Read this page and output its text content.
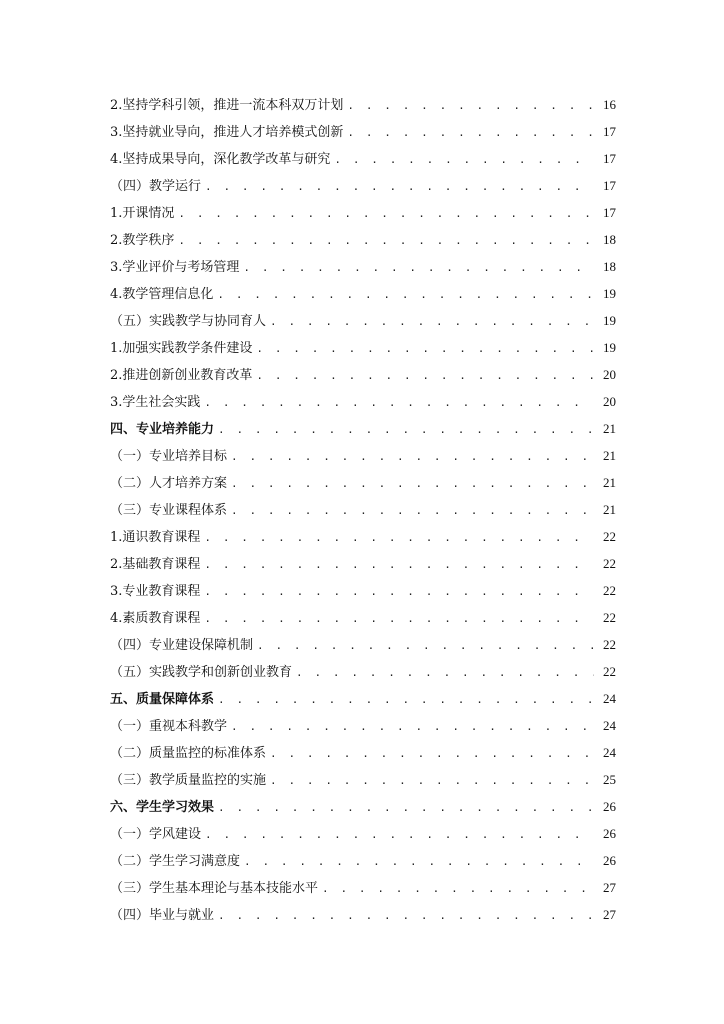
2.坚持学科引领，推进一流本科双万计划 . . .	16
3.坚持就业导向，推进人才培养模式创新 . . .	17
4.坚持成果导向，深化教学改革与研究 . . .	17
（四）教学运行 . . .	17
1.开课情况 . . .	17
2.教学秩序 . . .	18
3.学业评价与考场管理 . . .	18
4.教学管理信息化 . . .	19
（五）实践教学与协同育人 . . .	19
1.加强实践教学条件建设 . . .	19
2.推进创新创业教育改革 . . .	20
3.学生社会实践 . . .	20
四、专业培养能力 . . .	21
（一）专业培养目标 . . .	21
（二）人才培养方案 . . .	21
（三）专业课程体系 . . .	21
1.通识教育课程 . . .	22
2.基础教育课程 . . .	22
3.专业教育课程 . . .	22
4.素质教育课程 . . .	22
（四）专业建设保障机制 . . .	22
（五）实践教学和创新创业教育 . . .	22
五、质量保障体系 . . .	24
（一）重视本科教学 . . .	24
（二）质量监控的标准体系 . . .	24
（三）教学质量监控的实施 . . .	25
六、学生学习效果 . . .	26
（一）学风建设 . . .	26
（二）学生学习满意度 . . .	26
（三）学生基本理论与基本技能水平 . . .	27
（四）毕业与就业 . . .	27
